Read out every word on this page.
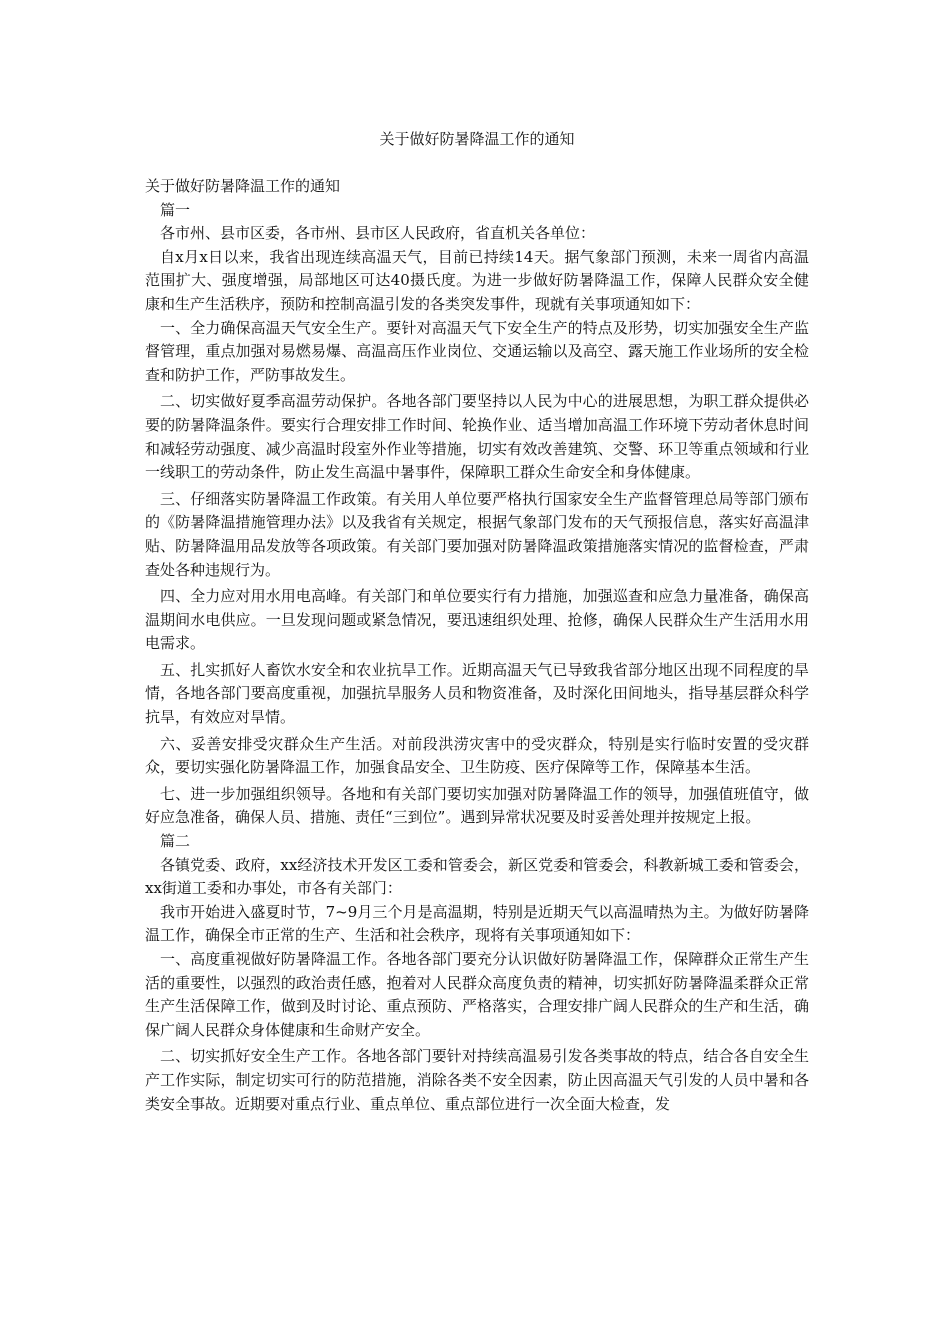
关于做好防暑降温工作的通知

关于做好防暑降温工作的通知

篇一

各市州、县市区委，各市州、县市区人民政府，省直机关各单位：

自x月x日以来，我省出现连续高温天气，目前已持续14天。据气象部门预测，未来一周省内高温范围扩大、强度增强，局部地区可达40摄氏度。为进一步做好防暑降温工作，保障人民群众安全健康和生产生活秩序，预防和控制高温引发的各类突发事件，现就有关事项通知如下：

一、全力确保高温天气安全生产。要针对高温天气下安全生产的特点及形势，切实加强安全生产监督管理，重点加强对易燃易爆、高温高压作业岗位、交通运输以及高空、露天施工作业场所的安全检查和防护工作，严防事故发生。

二、切实做好夏季高温劳动保护。各地各部门要坚持以人民为中心的进展思想，为职工群众提供必要的防暑降温条件。要实行合理安排工作时间、轮换作业、适当增加高温工作环境下劳动者休息时间和减轻劳动强度、减少高温时段室外作业等措施，切实有效改善建筑、交警、环卫等重点领域和行业一线职工的劳动条件，防止发生高温中暑事件，保障职工群众生命安全和身体健康。

三、仔细落实防暑降温工作政策。有关用人单位要严格执行国家安全生产监督管理总局等部门颁布的《防暑降温措施管理办法》以及我省有关规定，根据气象部门发布的天气预报信息，落实好高温津贴、防暑降温用品发放等各项政策。有关部门要加强对防暑降温政策措施落实情况的监督检查，严肃查处各种违规行为。

四、全力应对用水用电高峰。有关部门和单位要实行有力措施，加强巡查和应急力量准备，确保高温期间水电供应。一旦发现问题或紧急情况，要迅速组织处理、抢修，确保人民群众生产生活用水用电需求。

五、扎实抓好人畜饮水安全和农业抗旱工作。近期高温天气已导致我省部分地区出现不同程度的旱情，各地各部门要高度重视，加强抗旱服务人员和物资准备，及时深化田间地头，指导基层群众科学抗旱，有效应对旱情。

六、妥善安排受灾群众生产生活。对前段洪涝灾害中的受灾群众，特别是实行临时安置的受灾群众，要切实强化防暑降温工作，加强食品安全、卫生防疫、医疗保障等工作，保障基本生活。

七、进一步加强组织领导。各地和有关部门要切实加强对防暑降温工作的领导，加强值班值守，做好应急准备，确保人员、措施、责任“三到位”。遇到异常状况要及时妥善处理并按规定上报。

篇二

各镇党委、政府，xx经济技术开发区工委和管委会，新区党委和管委会，科教新城工委和管委会，xx街道工委和办事处，市各有关部门：

我市开始进入盛夏时节，7~9月三个月是高温期，特别是近期天气以高温晴热为主。为做好防暑降温工作，确保全市正常的生产、生活和社会秩序，现将有关事项通知如下：

一、高度重视做好防暑降温工作。各地各部门要充分认识做好防暑降温工作，保障群众正常生产生活的重要性，以强烈的政治责任感，抱着对人民群众高度负责的精神，切实抓好防暑降温柔群众正常生产生活保障工作，做到及时讨论、重点预防、严格落实，合理安排广阔人民群众的生产和生活，确保广阔人民群众身体健康和生命财产安全。

二、切实抓好安全生产工作。各地各部门要针对持续高温易引发各类事故的特点，结合各自安全生产工作实际，制定切实可行的防范措施，消除各类不安全因素，防止因高温天气引发的人员中暑和各类安全事故。近期要对重点行业、重点单位、重点部位进行一次全面大检查，发
